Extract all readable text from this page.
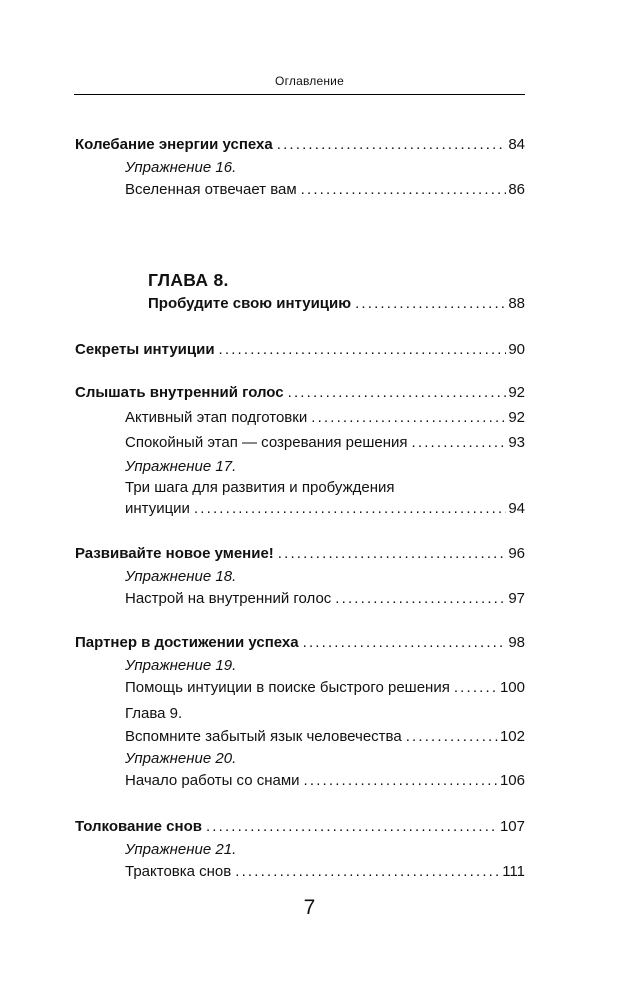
Оглавление
Колебание энергии успеха . . .	84
Упражнение 16.
Вселенная отвечает вам . . .	86
ГЛАВА 8.
Пробудите свою интуицию . . .	88
Секреты интуиции . . .	90
Слышать внутренний голос . . .	92
Активный этап подготовки . . .	92
Спокойный этап — созревания решения . . .	93
Упражнение 17.
Три шага для развития и пробуждения
интуиции . . .	94
Развивайте новое умение! . . .	96
Упражнение 18.
Настрой на внутренний голос . . .	97
Партнер в достижении успеха . . .	98
Упражнение 19.
Помощь интуиции в поиске быстрого решения . . .	100
Глава 9.
Вспомните забытый язык человечества . . .	102
Упражнение 20.
Начало работы со снами . . .	106
Толкование снов . . .	107
Упражнение 21.
Трактовка снов . . .	111
7
